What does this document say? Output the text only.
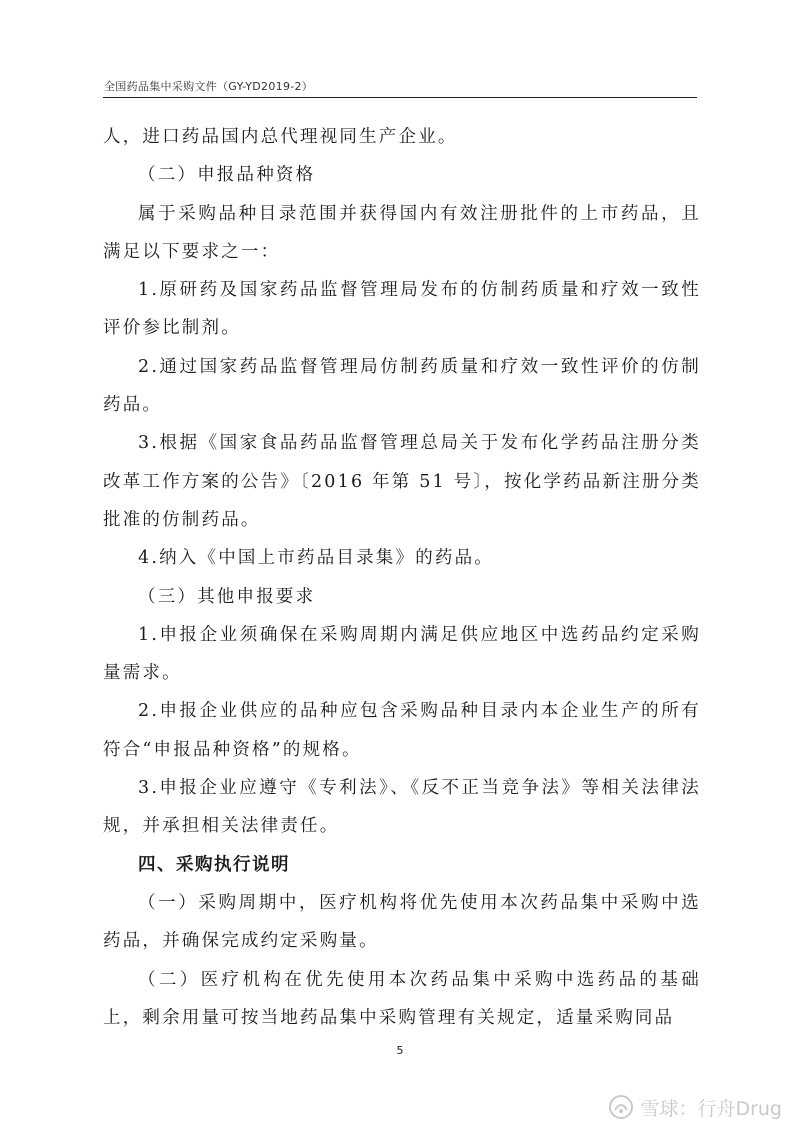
全国药品集中采购文件（GY-YD2019-2）

人，进口药品国内总代理视同生产企业。

（二）申报品种资格

属于采购品种目录范围并获得国内有效注册批件的上市药品，且满足以下要求之一：

1.原研药及国家药品监督管理局发布的仿制药质量和疗效一致性评价参比制剂。

2.通过国家药品监督管理局仿制药质量和疗效一致性评价的仿制药品。

3.根据《国家食品药品监督管理总局关于发布化学药品注册分类改革工作方案的公告》〔2016 年第 51 号〕，按化学药品新注册分类批准的仿制药品。

4.纳入《中国上市药品目录集》的药品。

（三）其他申报要求

1.申报企业须确保在采购周期内满足供应地区中选药品约定采购量需求。

2.申报企业供应的品种应包含采购品种目录内本企业生产的所有符合“申报品种资格”的规格。

3.申报企业应遵守《专利法》、《反不正当竞争法》等相关法律法规，并承担相关法律责任。

四、采购执行说明

（一）采购周期中，医疗机构将优先使用本次药品集中采购中选药品，并确保完成约定采购量。

（二）医疗机构在优先使用本次药品集中采购中选药品的基础上，剩余用量可按当地药品集中采购管理有关规定，适量采购同品

5
雪球：行舟Drug
